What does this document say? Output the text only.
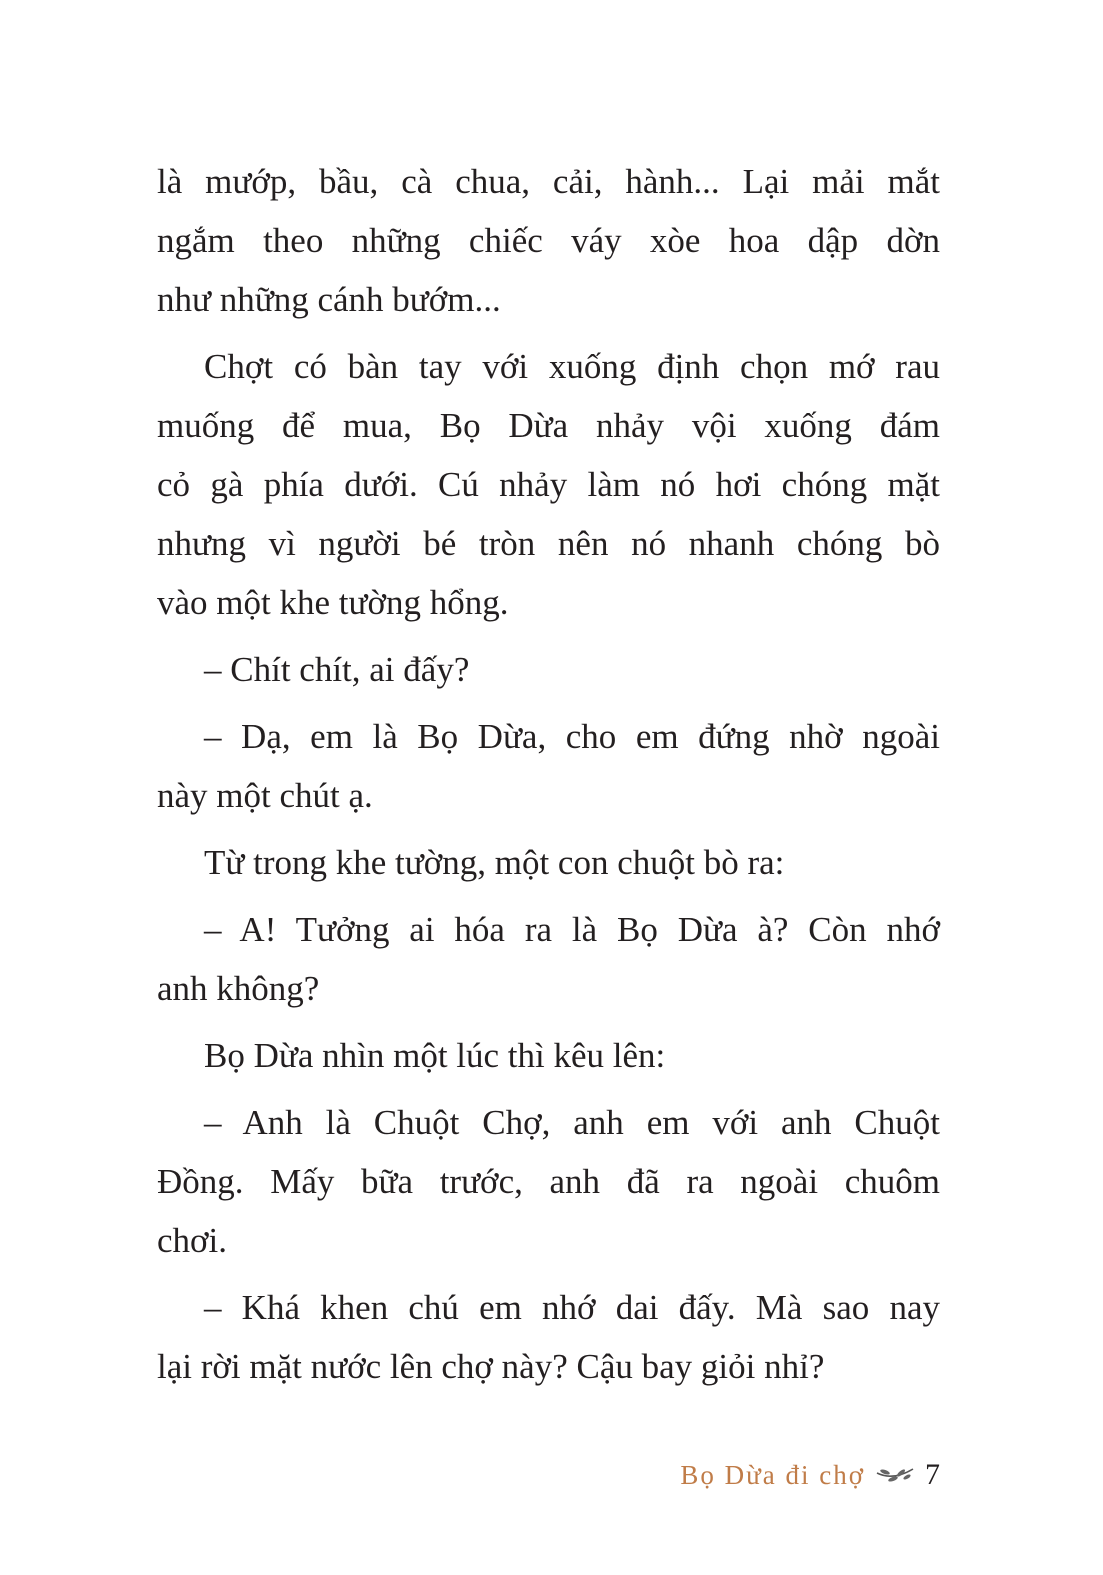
là mướp, bầu, cà chua, cải, hành... Lại mải mắt
ngắm theo những chiếc váy xòe hoa dập dờn
như những cánh bướm...
Chợt có bàn tay với xuống định chọn mớ rau
muống để mua, Bọ Dừa nhảy vội xuống đám
cỏ gà phía dưới. Cú nhảy làm nó hơi chóng mặt
nhưng vì người bé tròn nên nó nhanh chóng bò
vào một khe tường hổng.
– Chít chít, ai đấy?
– Dạ, em là Bọ Dừa, cho em đứng nhờ ngoài
này một chút ạ.
Từ trong khe tường, một con chuột bò ra:
– A! Tưởng ai hóa ra là Bọ Dừa à? Còn nhớ
anh không?
Bọ Dừa nhìn một lúc thì kêu lên:
– Anh là Chuột Chợ, anh em với anh Chuột
Đồng. Mấy bữa trước, anh đã ra ngoài chuôm
chơi.
– Khá khen chú em nhớ dai đấy. Mà sao nay
lại rời mặt nước lên chợ này? Cậu bay giỏi nhỉ?
Bọ Dừa đi chợ 7
